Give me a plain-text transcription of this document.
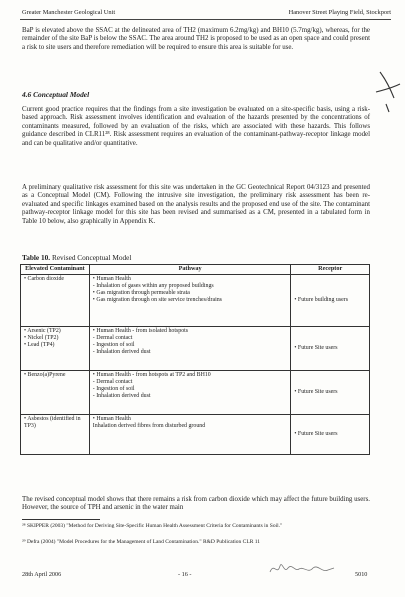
Greater Manchester Geological Unit	Hanover Street Playing Field, Stockport
BaP is elevated above the SSAC at the delineated area of TH2 (maximum 6.2mg/kg) and BH10 (5.7mg/kg), whereas, for the remainder of the site BaP is below the SSAC. The area around TH2 is proposed to be used as an open space and could present a risk to site users and therefore remediation will be required to ensure this area is suitable for use.
4.6 Conceptual Model
Current good practice requires that the findings from a site investigation be evaluated on a site-specific basis, using a risk-based approach. Risk assessment involves identification and evaluation of the hazards presented by the concentrations of contaminants measured, followed by an evaluation of the risks, which are associated with these hazards. This follows guidance described in CLR11²⁸. Risk assessment requires an evaluation of the contaminant-pathway-receptor linkage model and can be qualitative and/or quantitative.
A preliminary qualitative risk assessment for this site was undertaken in the GC Geotechnical Report 04/3123 and presented as a Conceptual Model (CM). Following the intrusive site investigation, the preliminary risk assessment has been re-evaluated and specific linkages examined based on the analysis results and the proposed end use of the site. The contaminant pathway-receptor linkage model for this site has been revised and summarised as a CM, presented in a tabulated form in Table 10 below, also graphically in Appendix K.
Table 10. Revised Conceptual Model
Elevated Contaminant	Pathway	Receptor

• Carbon dioxide	• Human Health
- Inhalation of gases within any proposed buildings
• Gas migration through permeable strata
• Gas migration through on site service trenches/drains	• Future building users

• Arsenic (TP2)
• Nickel (TP2)
• Lead (TP4)	• Human Health - from isolated hotspots
- Dermal contact
- Ingestion of soil
- Inhalation derived dust	• Future Site users

• Benzo(a)Pyrene	• Human Health - from hotspots at TP2 and BH10
- Dermal contact
- Ingestion of soil
- Inhalation derived dust	• Future Site users

• Asbestos (identified in TP3)	• Human Health
Inhalation derived fibres from disturbed ground	• Future Site users
The revised conceptual model shows that there remains a risk from carbon dioxide which may affect the future building users. However, the source of TPH and arsenic in the water main
²⁸ SKIPPER (2003) "Method for Deriving Site-Specific Human Health Assessment Criteria for Contaminants in Soil."
²⁹ Defra (2004) "Model Procedures for the Management of Land Contamination." R&D Publication CLR 11
28th April 2006	- 16 -	5010
